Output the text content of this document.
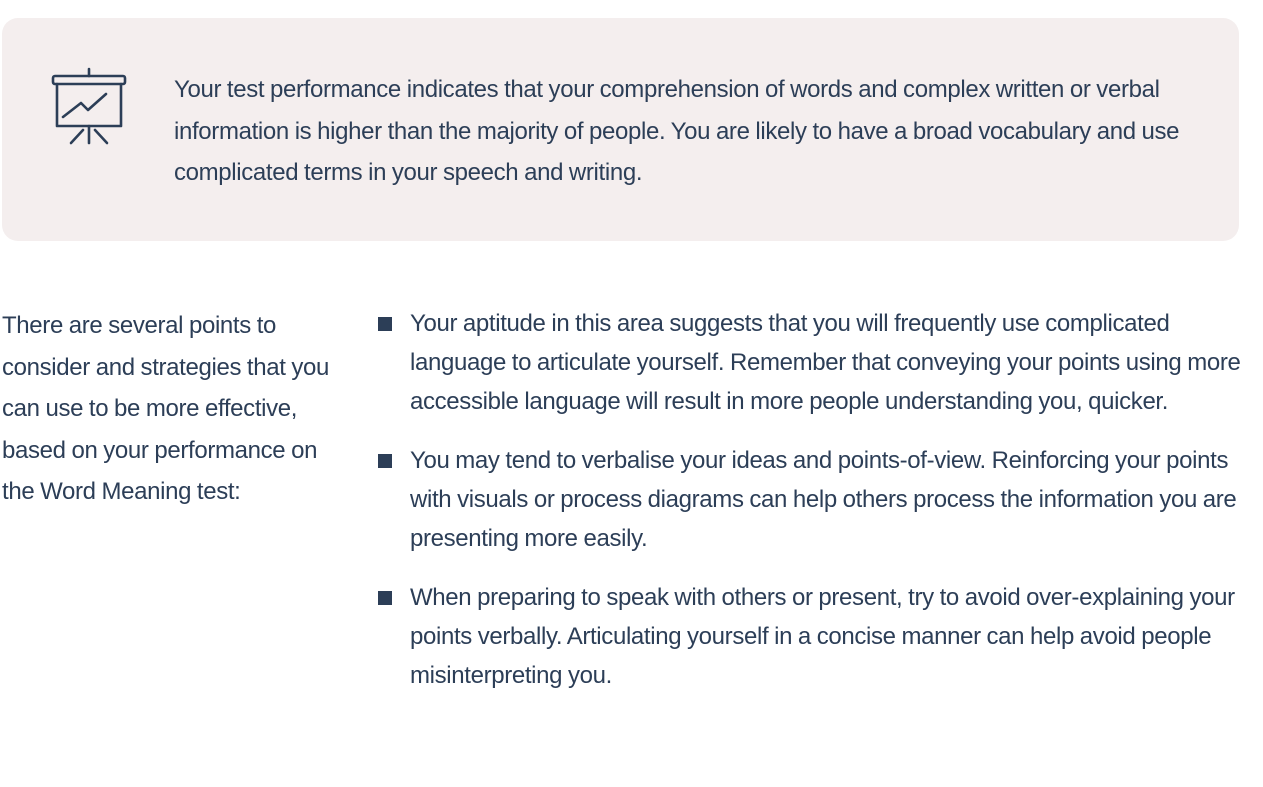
Your test performance indicates that your comprehension of words and complex written or verbal information is higher than the majority of people. You are likely to have a broad vocabulary and use complicated terms in your speech and writing.

There are several points to consider and strategies that you can use to be more effective, based on your performance on the Word Meaning test:

Your aptitude in this area suggests that you will frequently use complicated language to articulate yourself. Remember that conveying your points using more accessible language will result in more people understanding you, quicker.
You may tend to verbalise your ideas and points-of-view. Reinforcing your points with visuals or process diagrams can help others process the information you are presenting more easily.
When preparing to speak with others or present, try to avoid over-explaining your points verbally. Articulating yourself in a concise manner can help avoid people misinterpreting you.
